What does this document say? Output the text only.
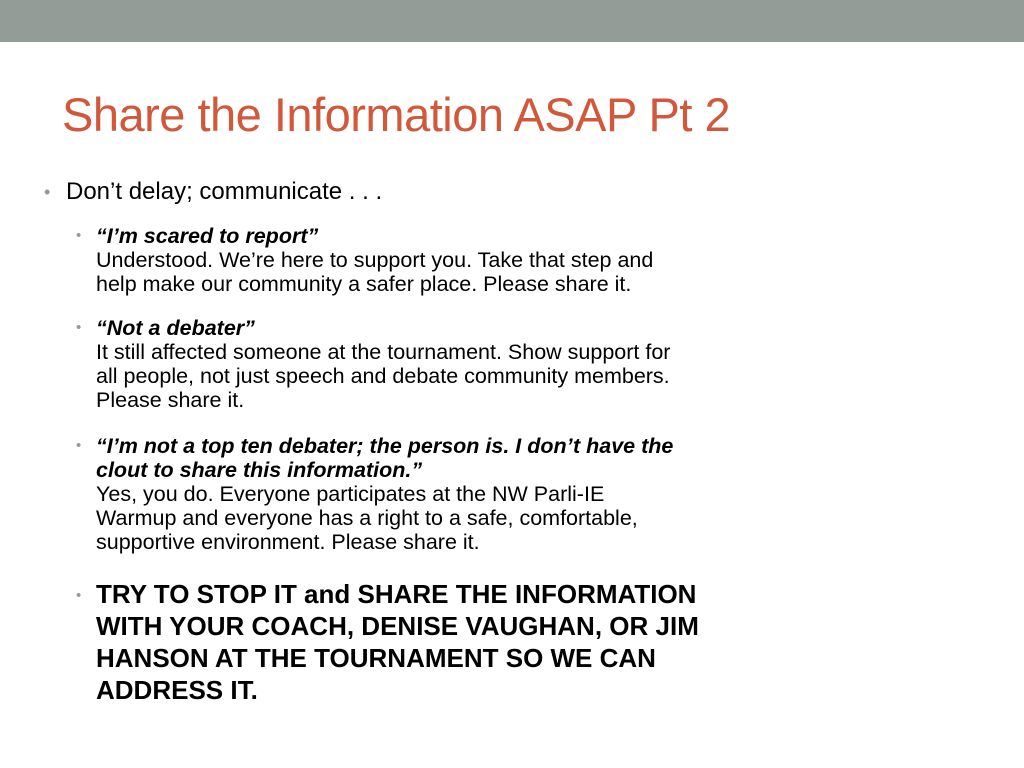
Share the Information ASAP Pt 2
• Don’t delay; communicate . . .
• “I’m scared to report”
Understood. We’re here to support you. Take that step and
help make our community a safer place. Please share it.
• “Not a debater”
It still affected someone at the tournament. Show support for
all people, not just speech and debate community members.
Please share it.
• “I’m not a top ten debater; the person is. I don’t have the
clout to share this information.”
Yes, you do. Everyone participates at the NW Parli-IE
Warmup and everyone has a right to a safe, comfortable,
supportive environment. Please share it.
• TRY TO STOP IT and SHARE THE INFORMATION
WITH YOUR COACH, DENISE VAUGHAN, OR JIM
HANSON AT THE TOURNAMENT SO WE CAN
ADDRESS IT.
